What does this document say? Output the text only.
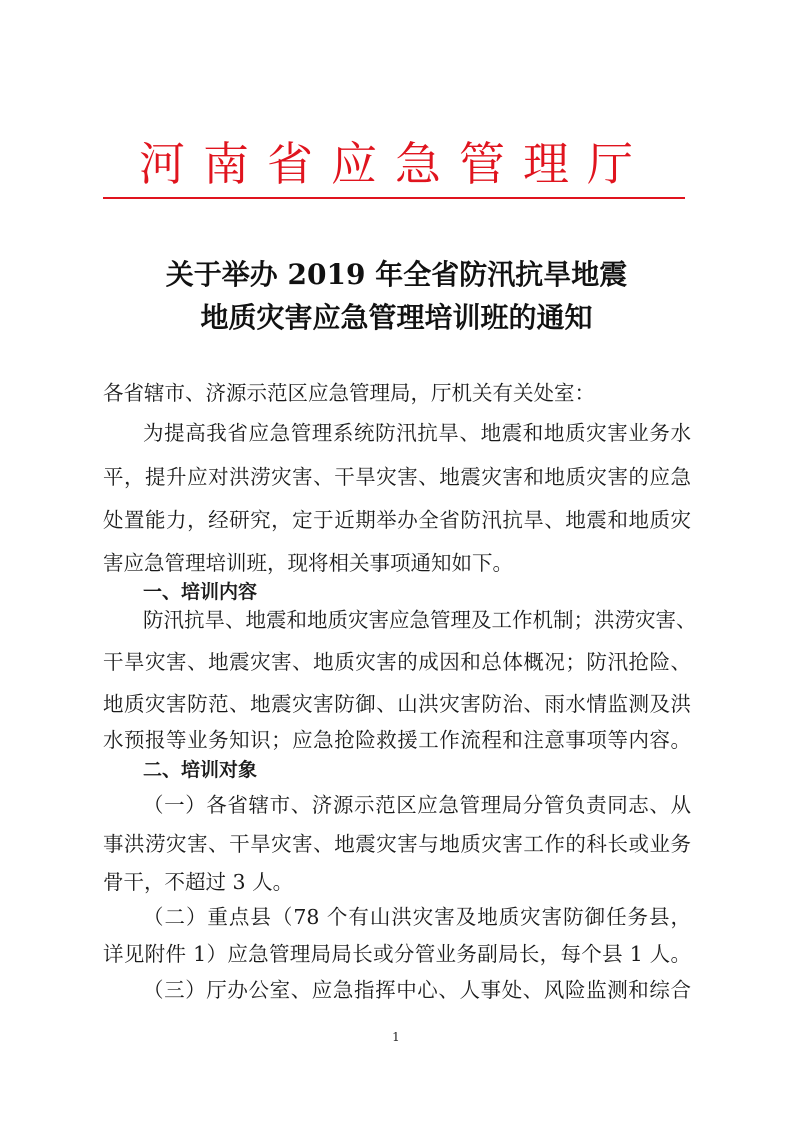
河南省应急管理厅
关于举办 2019 年全省防汛抗旱地震
地质灾害应急管理培训班的通知
各省辖市、济源示范区应急管理局，厅机关有关处室：
为提高我省应急管理系统防汛抗旱、地震和地质灾害业务水
平，提升应对洪涝灾害、干旱灾害、地震灾害和地质灾害的应急
处置能力，经研究，定于近期举办全省防汛抗旱、地震和地质灾
害应急管理培训班，现将相关事项通知如下。
一、培训内容
防汛抗旱、地震和地质灾害应急管理及工作机制；洪涝灾害、
干旱灾害、地震灾害、地质灾害的成因和总体概况；防汛抢险、
地质灾害防范、地震灾害防御、山洪灾害防治、雨水情监测及洪
水预报等业务知识；应急抢险救援工作流程和注意事项等内容。
二、培训对象
（一）各省辖市、济源示范区应急管理局分管负责同志、从
事洪涝灾害、干旱灾害、地震灾害与地质灾害工作的科长或业务
骨干，不超过 3 人。
（二）重点县（78 个有山洪灾害及地质灾害防御任务县，
详见附件 1）应急管理局局长或分管业务副局长，每个县 1 人。
（三）厅办公室、应急指挥中心、人事处、风险监测和综合
1
